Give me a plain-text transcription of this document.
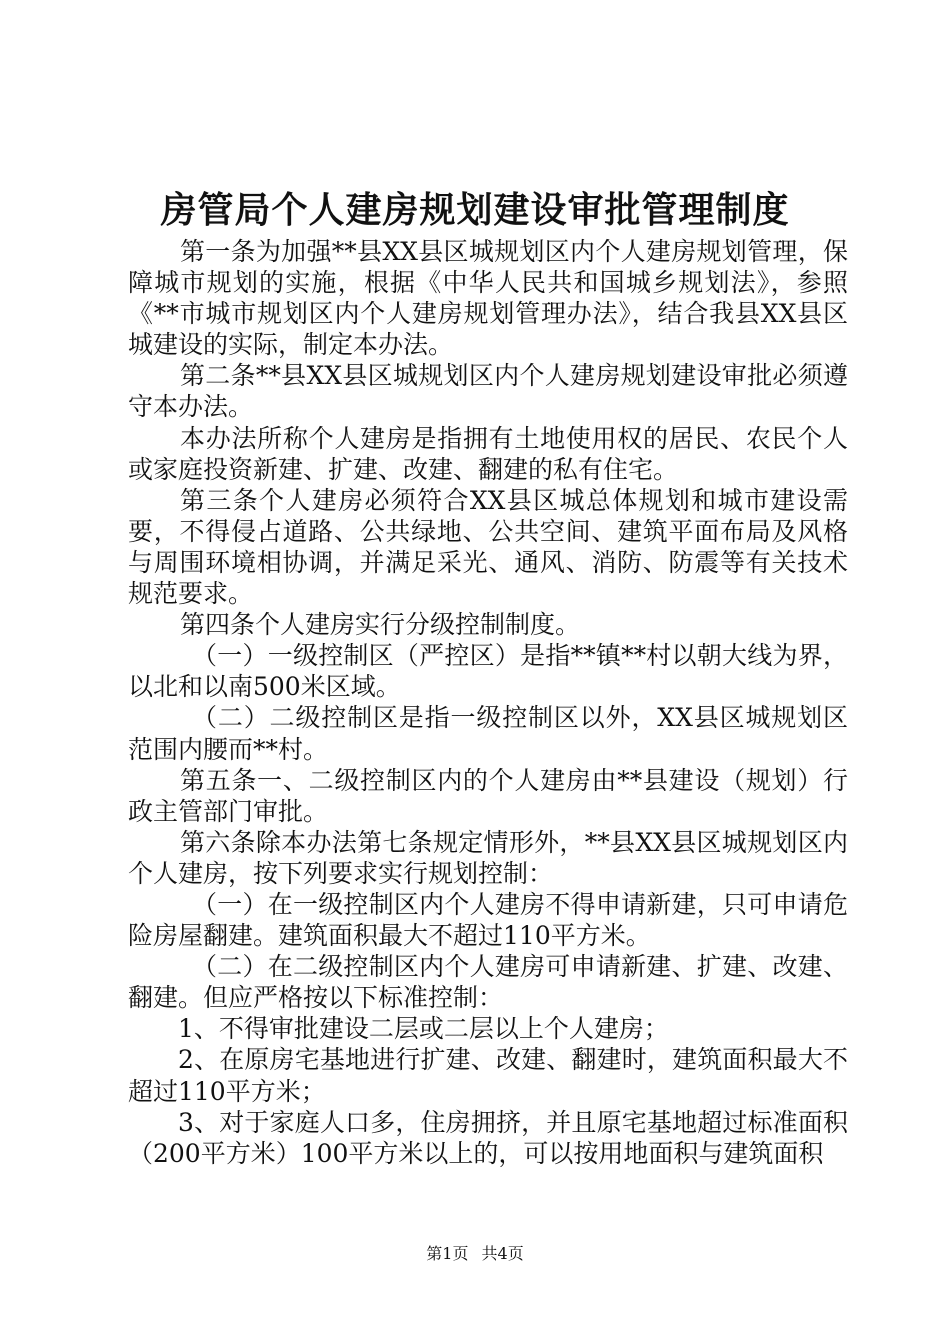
房管局个人建房规划建设审批管理制度

第一条为加强**县XX县区城规划区内个人建房规划管理，保障城市规划的实施，根据《中华人民共和国城乡规划法》，参照《**市城市规划区内个人建房规划管理办法》，结合我县XX县区城建设的实际，制定本办法。

第二条**县XX县区城规划区内个人建房规划建设审批必须遵守本办法。

本办法所称个人建房是指拥有土地使用权的居民、农民个人或家庭投资新建、扩建、改建、翻建的私有住宅。

第三条个人建房必须符合XX县区城总体规划和城市建设需要，不得侵占道路、公共绿地、公共空间、建筑平面布局及风格与周围环境相协调，并满足采光、通风、消防、防震等有关技术规范要求。

第四条个人建房实行分级控制制度。

（一）一级控制区（严控区）是指**镇**村以朝大线为界，以北和以南500米区域。

（二）二级控制区是指一级控制区以外，XX县区城规划区范围内腰而**村。

第五条一、二级控制区内的个人建房由**县建设（规划）行政主管部门审批。

第六条除本办法第七条规定情形外，**县XX县区城规划区内个人建房，按下列要求实行规划控制：

（一）在一级控制区内个人建房不得申请新建，只可申请危险房屋翻建。建筑面积最大不超过110平方米。

（二）在二级控制区内个人建房可申请新建、扩建、改建、翻建。但应严格按以下标准控制：

1、不得审批建设二层或二层以上个人建房；

2、在原房宅基地进行扩建、改建、翻建时，建筑面积最大不超过110平方米；

3、对于家庭人口多，住房拥挤，并且原宅基地超过标准面积（200平方米）100平方米以上的，可以按用地面积与建筑面积

第1页 共4页
